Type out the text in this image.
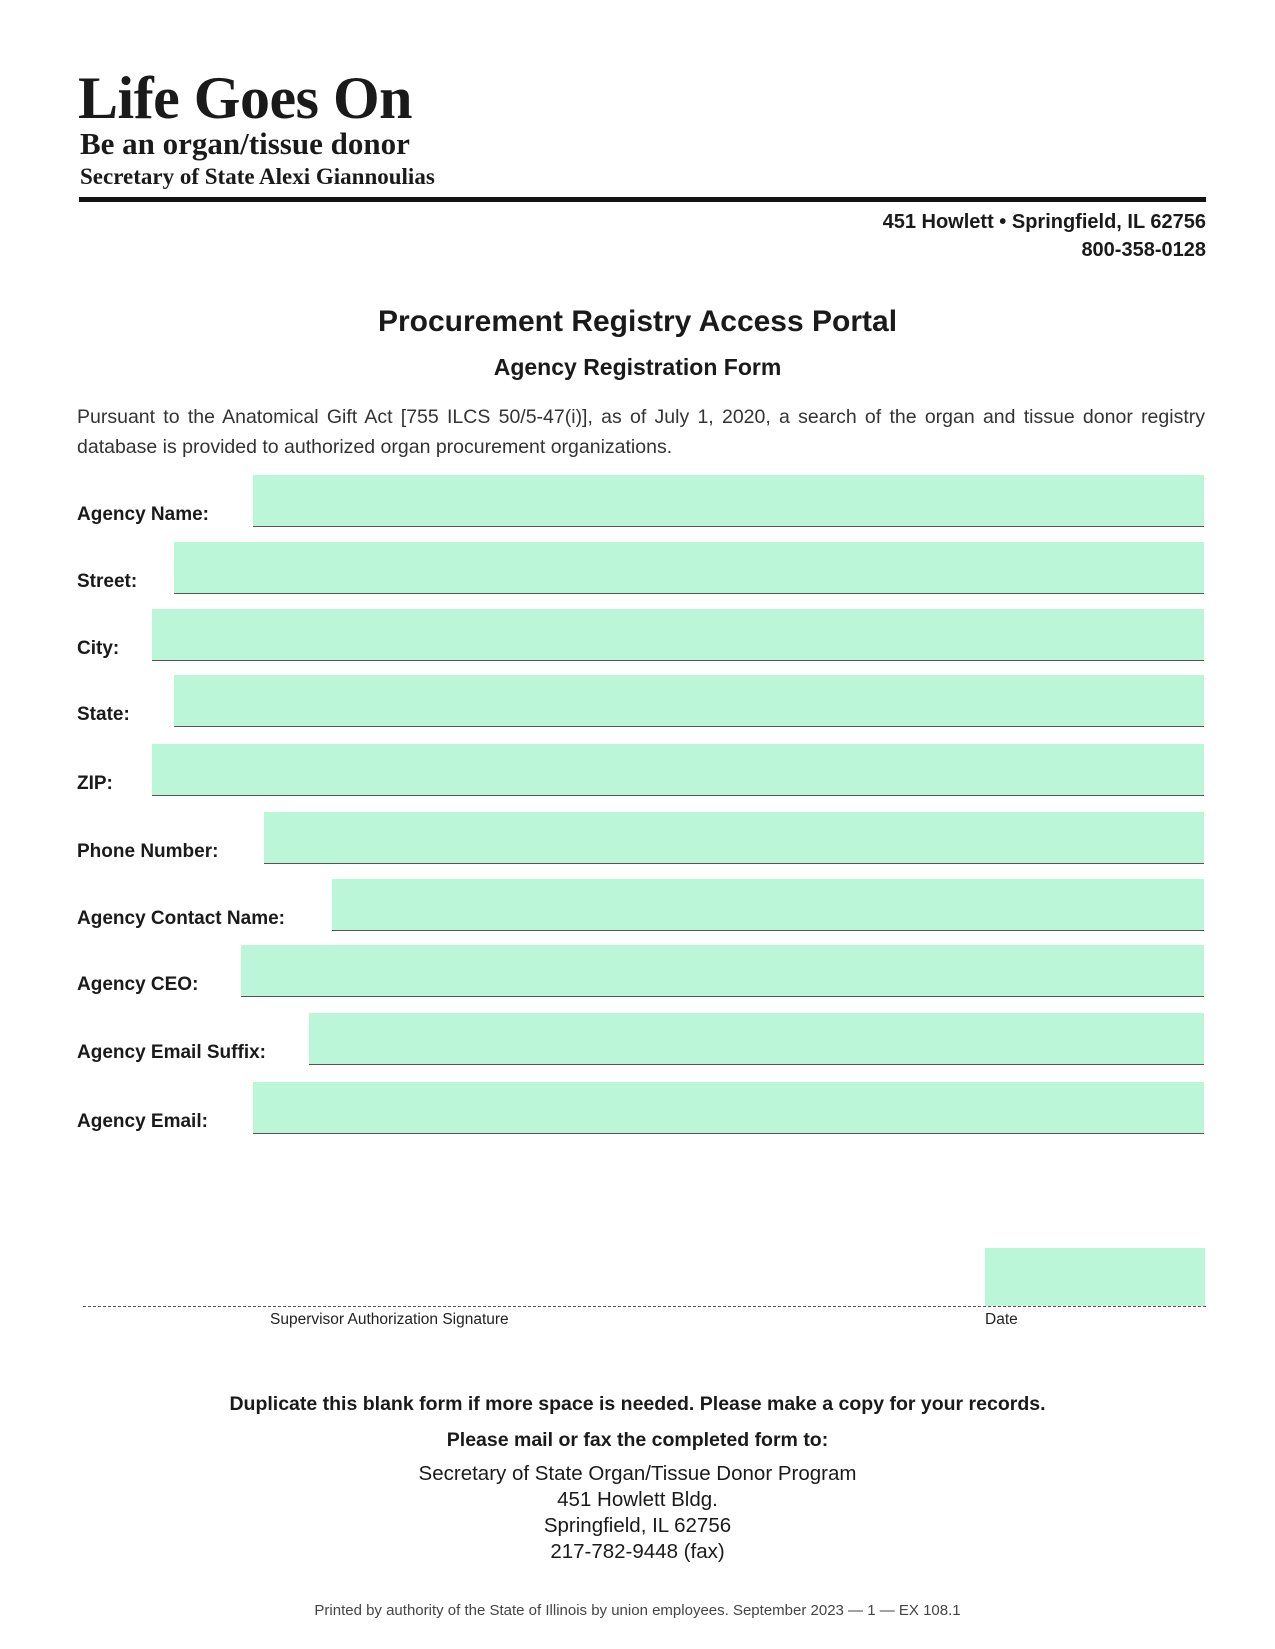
Life Goes On
Be an organ/tissue donor
Secretary of State Alexi Giannoulias
451 Howlett • Springfield, IL 62756
800-358-0128
Procurement Registry Access Portal
Agency Registration Form
Pursuant to the Anatomical Gift Act [755 ILCS 50/5-47(i)], as of July 1, 2020, a search of the organ and tissue donor registry database is provided to authorized organ procurement organizations.
Agency Name:
Street:
City:
State:
ZIP:
Phone Number:
Agency Contact Name:
Agency CEO:
Agency Email Suffix:
Agency Email:
Supervisor Authorization Signature	Date
Duplicate this blank form if more space is needed. Please make a copy for your records.
Please mail or fax the completed form to:
Secretary of State Organ/Tissue Donor Program
451 Howlett Bldg.
Springfield, IL 62756
217-782-9448 (fax)
Printed by authority of the State of Illinois by union employees. September 2023 — 1 — EX 108.1
